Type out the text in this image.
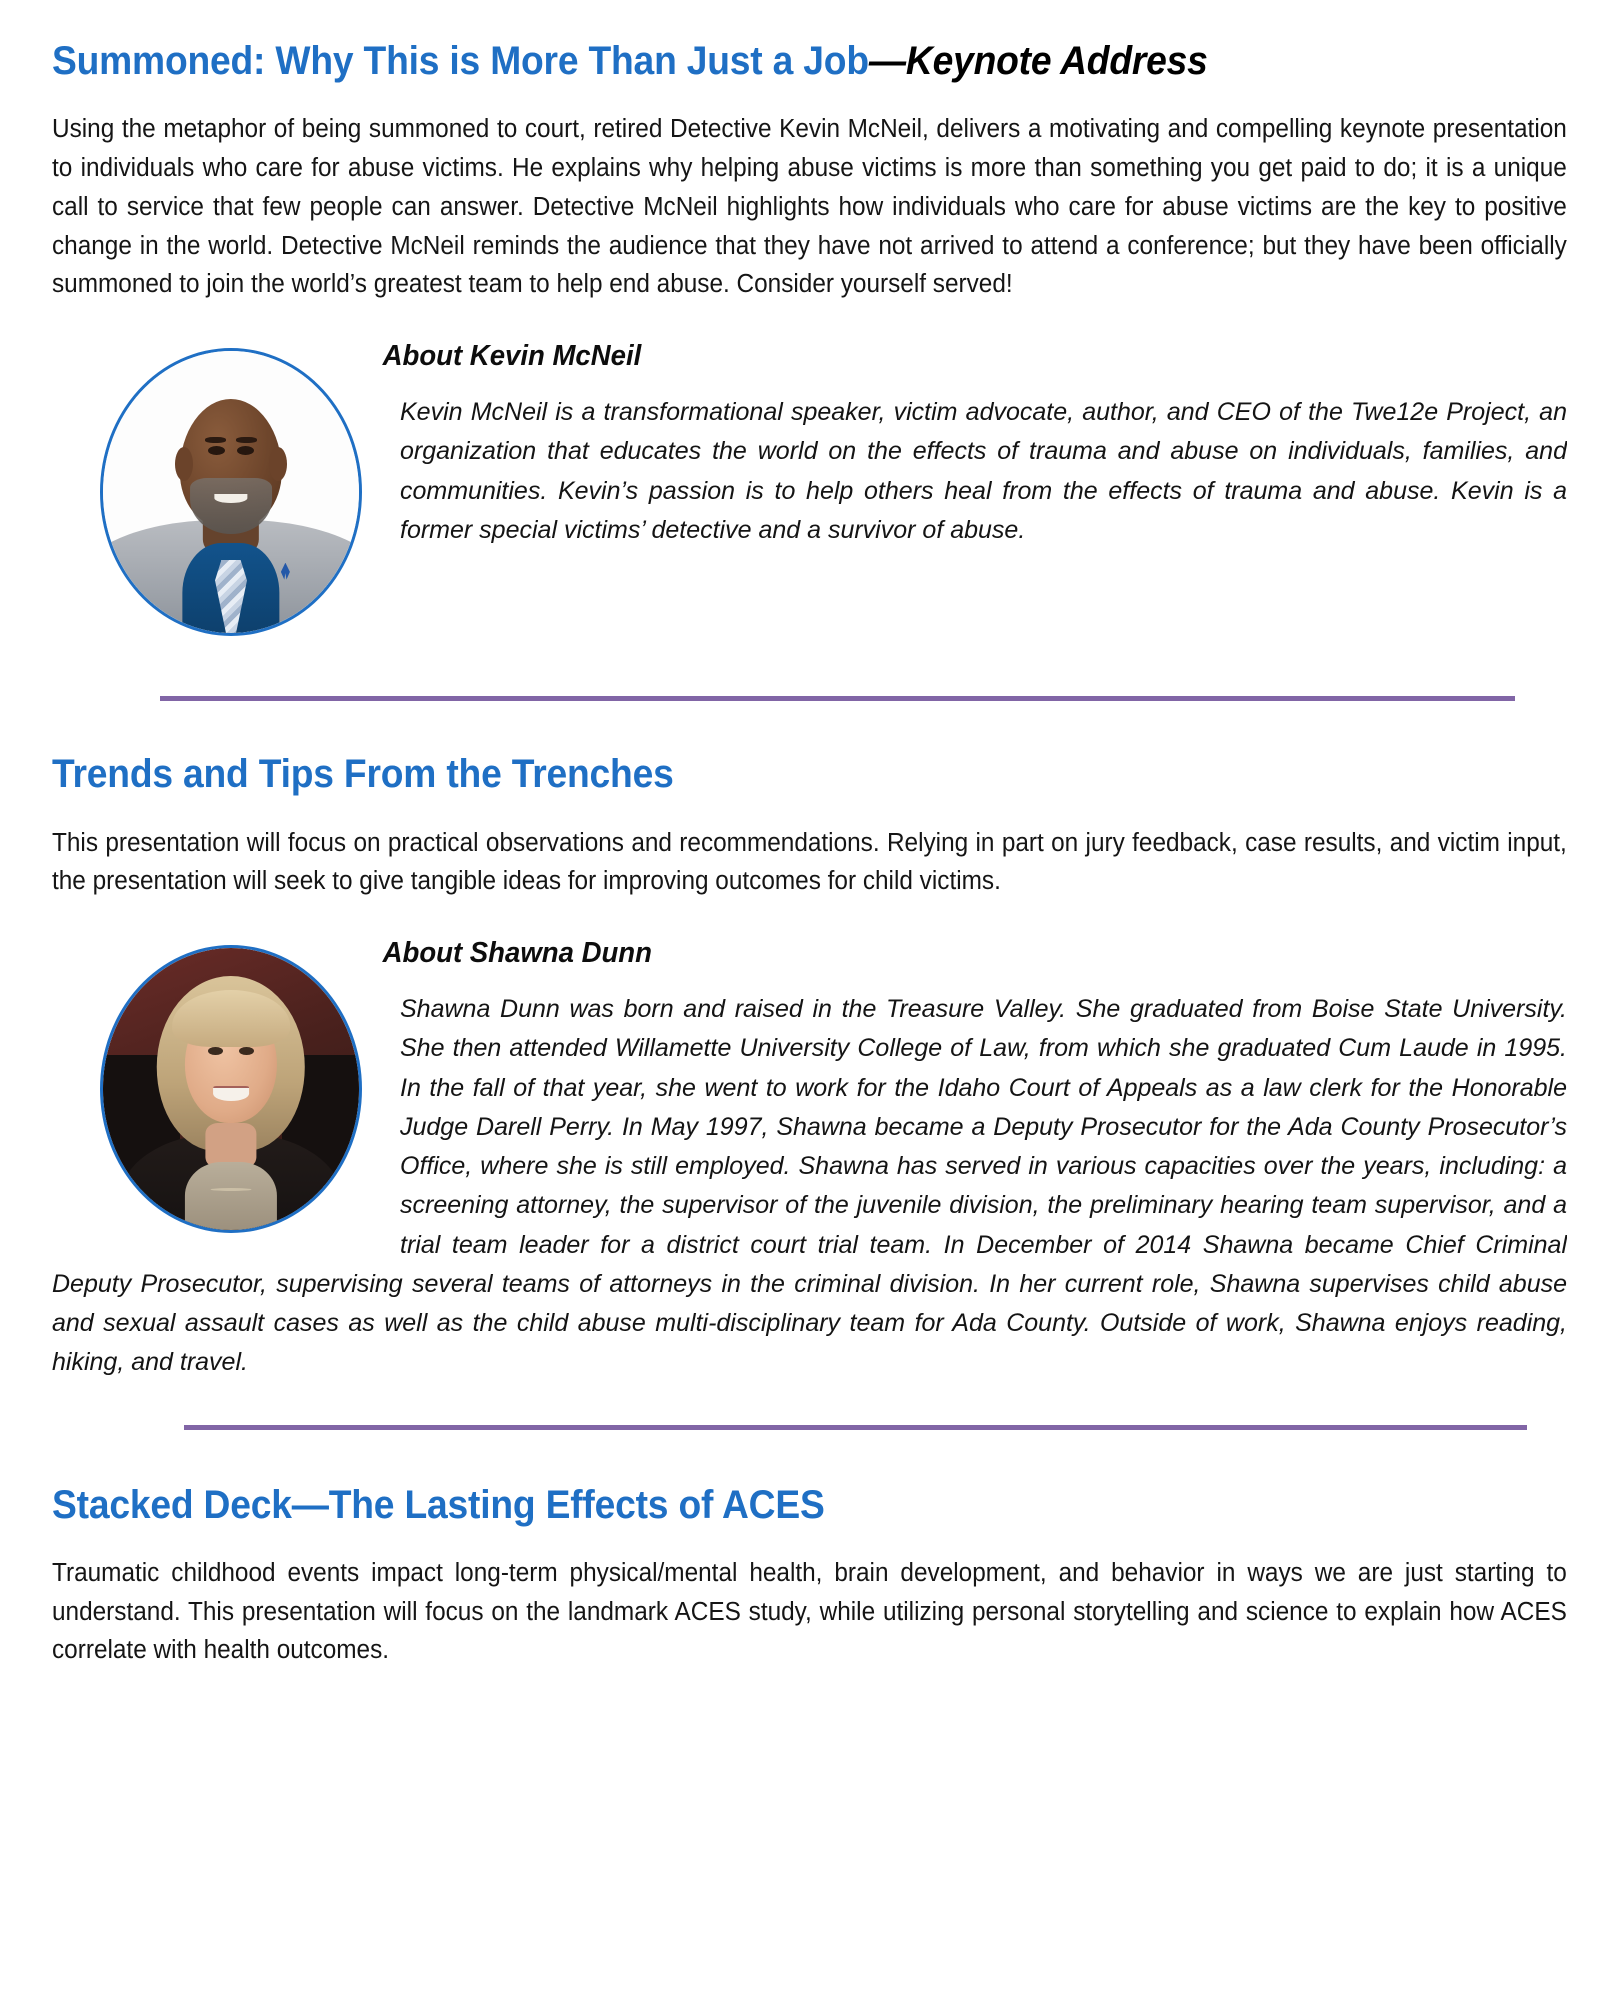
Summoned: Why This is More Than Just a Job—Keynote Address

Using the metaphor of being summoned to court, retired Detective Kevin McNeil, delivers a motivating and compelling keynote presentation to individuals who care for abuse victims. He explains why helping abuse victims is more than something you get paid to do; it is a unique call to service that few people can answer. Detective McNeil highlights how individuals who care for abuse victims are the key to positive change in the world. Detective McNeil reminds the audience that they have not arrived to attend a conference; but they have been officially summoned to join the world’s greatest team to help end abuse. Consider yourself served!

About Kevin McNeil

Kevin McNeil is a transformational speaker, victim advocate, author, and CEO of the Twe12e Project, an organization that educates the world on the effects of trauma and abuse on individuals, families, and communities. Kevin’s passion is to help others heal from the effects of trauma and abuse. Kevin is a former special victims’ detective and a survivor of abuse.

Trends and Tips From the Trenches

This presentation will focus on practical observations and recommendations. Relying in part on jury feedback, case results, and victim input, the presentation will seek to give tangible ideas for improving outcomes for child victims.

About Shawna Dunn

Shawna Dunn was born and raised in the Treasure Valley. She graduated from Boise State University. She then attended Willamette University College of Law, from which she graduated Cum Laude in 1995. In the fall of that year, she went to work for the Idaho Court of Appeals as a law clerk for the Honorable Judge Darell Perry. In May 1997, Shawna became a Deputy Prosecutor for the Ada County Prosecutor’s Office, where she is still employed. Shawna has served in various capacities over the years, including: a screening attorney, the supervisor of the juvenile division, the preliminary hearing team supervisor, and a trial team leader for a district court trial team. In December of 2014 Shawna became Chief Criminal Deputy Prosecutor, supervising several teams of attorneys in the criminal division. In her current role, Shawna supervises child abuse and sexual assault cases as well as the child abuse multi-disciplinary team for Ada County. Outside of work, Shawna enjoys reading, hiking, and travel.

Stacked Deck—The Lasting Effects of ACES

Traumatic childhood events impact long-term physical/mental health, brain development, and behavior in ways we are just starting to understand. This presentation will focus on the landmark ACES study, while utilizing personal storytelling and science to explain how ACES correlate with health outcomes.
